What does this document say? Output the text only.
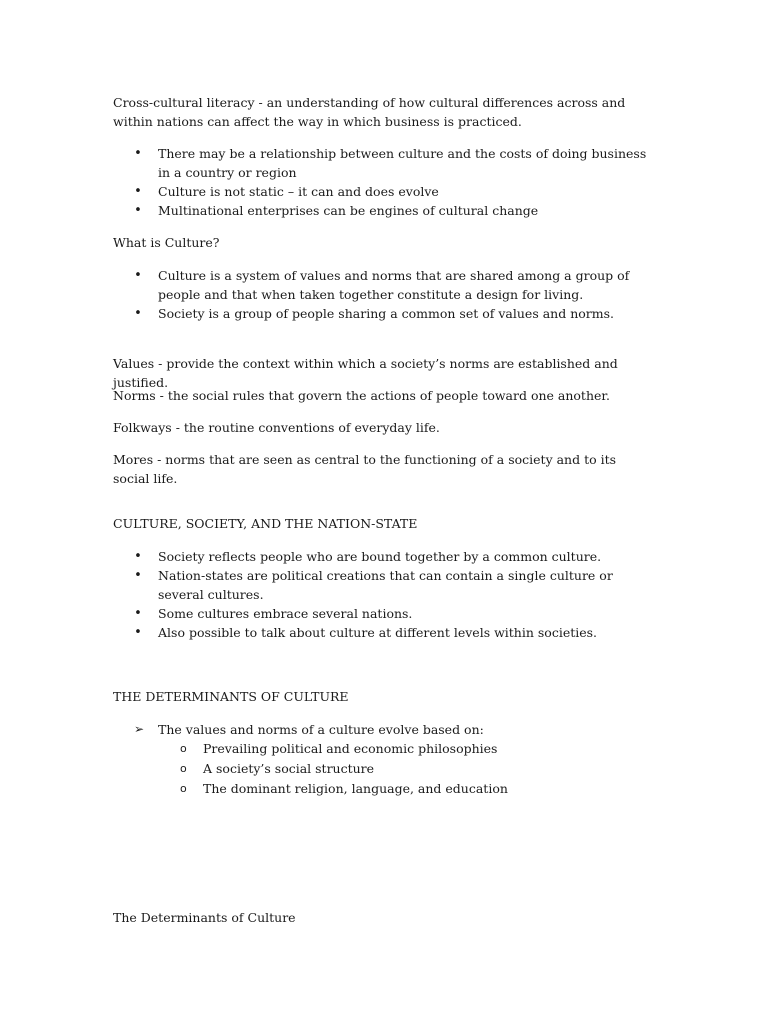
Cross-cultural literacy - an understanding of how cultural differences across and within nations can affect the way in which business is practiced.

• There may be a relationship between culture and the costs of doing business in a country or region
• Culture is not static – it can and does evolve
• Multinational enterprises can be engines of cultural change

What is Culture?

• Culture is a system of values and norms that are shared among a group of people and that when taken together constitute a design for living.
• Society is a group of people sharing a common set of values and norms.

Values - provide the context within which a society’s norms are established and justified.

Norms - the social rules that govern the actions of people toward one another.

Folkways - the routine conventions of everyday life.

Mores - norms that are seen as central to the functioning of a society and to its social life.

CULTURE, SOCIETY, AND THE NATION-STATE

• Society reflects people who are bound together by a common culture.
• Nation-states are political creations that can contain a single culture or several cultures.
• Some cultures embrace several nations.
• Also possible to talk about culture at different levels within societies.

THE DETERMINANTS OF CULTURE

➢ The values and norms of a culture evolve based on:
o Prevailing political and economic philosophies
o A society’s social structure
o The dominant religion, language, and education

The Determinants of Culture
